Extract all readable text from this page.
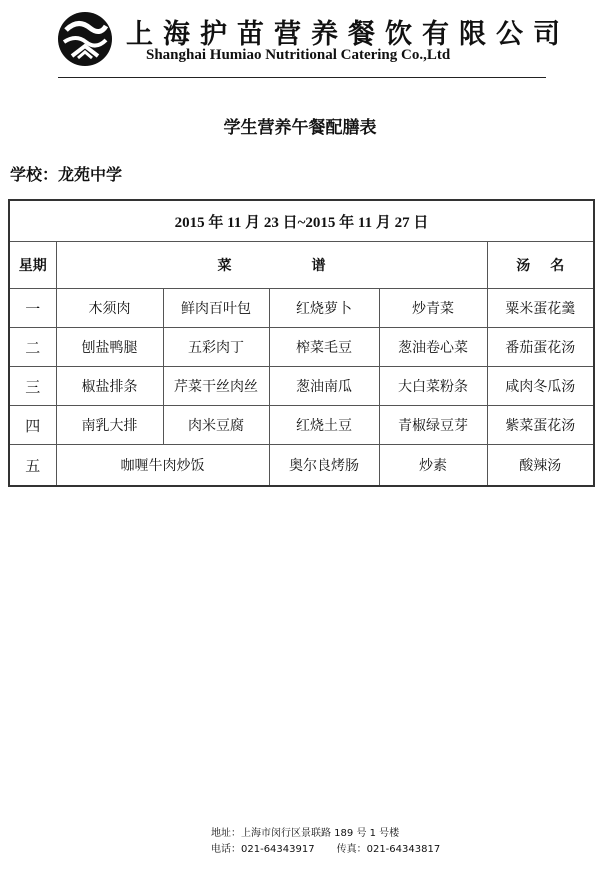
上海护苗营养餐饮有限公司
Shanghai Humiao Nutritional Catering Co.,Ltd
学生营养午餐配膳表
学校：龙苑中学
2015 年 11 月 23 日~2015 年 11 月 27 日					
星期	菜谱				汤名
一	木须肉	鲜肉百叶包	红烧萝卜	炒青菜	粟米蛋花羹
二	刨盐鸭腿	五彩肉丁	榨菜毛豆	葱油卷心菜	番茄蛋花汤
三	椒盐排条	芹菜干丝肉丝	葱油南瓜	大白菜粉条	咸肉冬瓜汤
四	南乳大排	肉米豆腐	红烧土豆	青椒绿豆芽	紫菜蛋花汤
五	咖喱牛肉炒饭		奥尔良烤肠	炒素	酸辣汤
地址：上海市闵行区景联路 189 号 1 号楼
电话：021-64343917 传真：021-64343817
